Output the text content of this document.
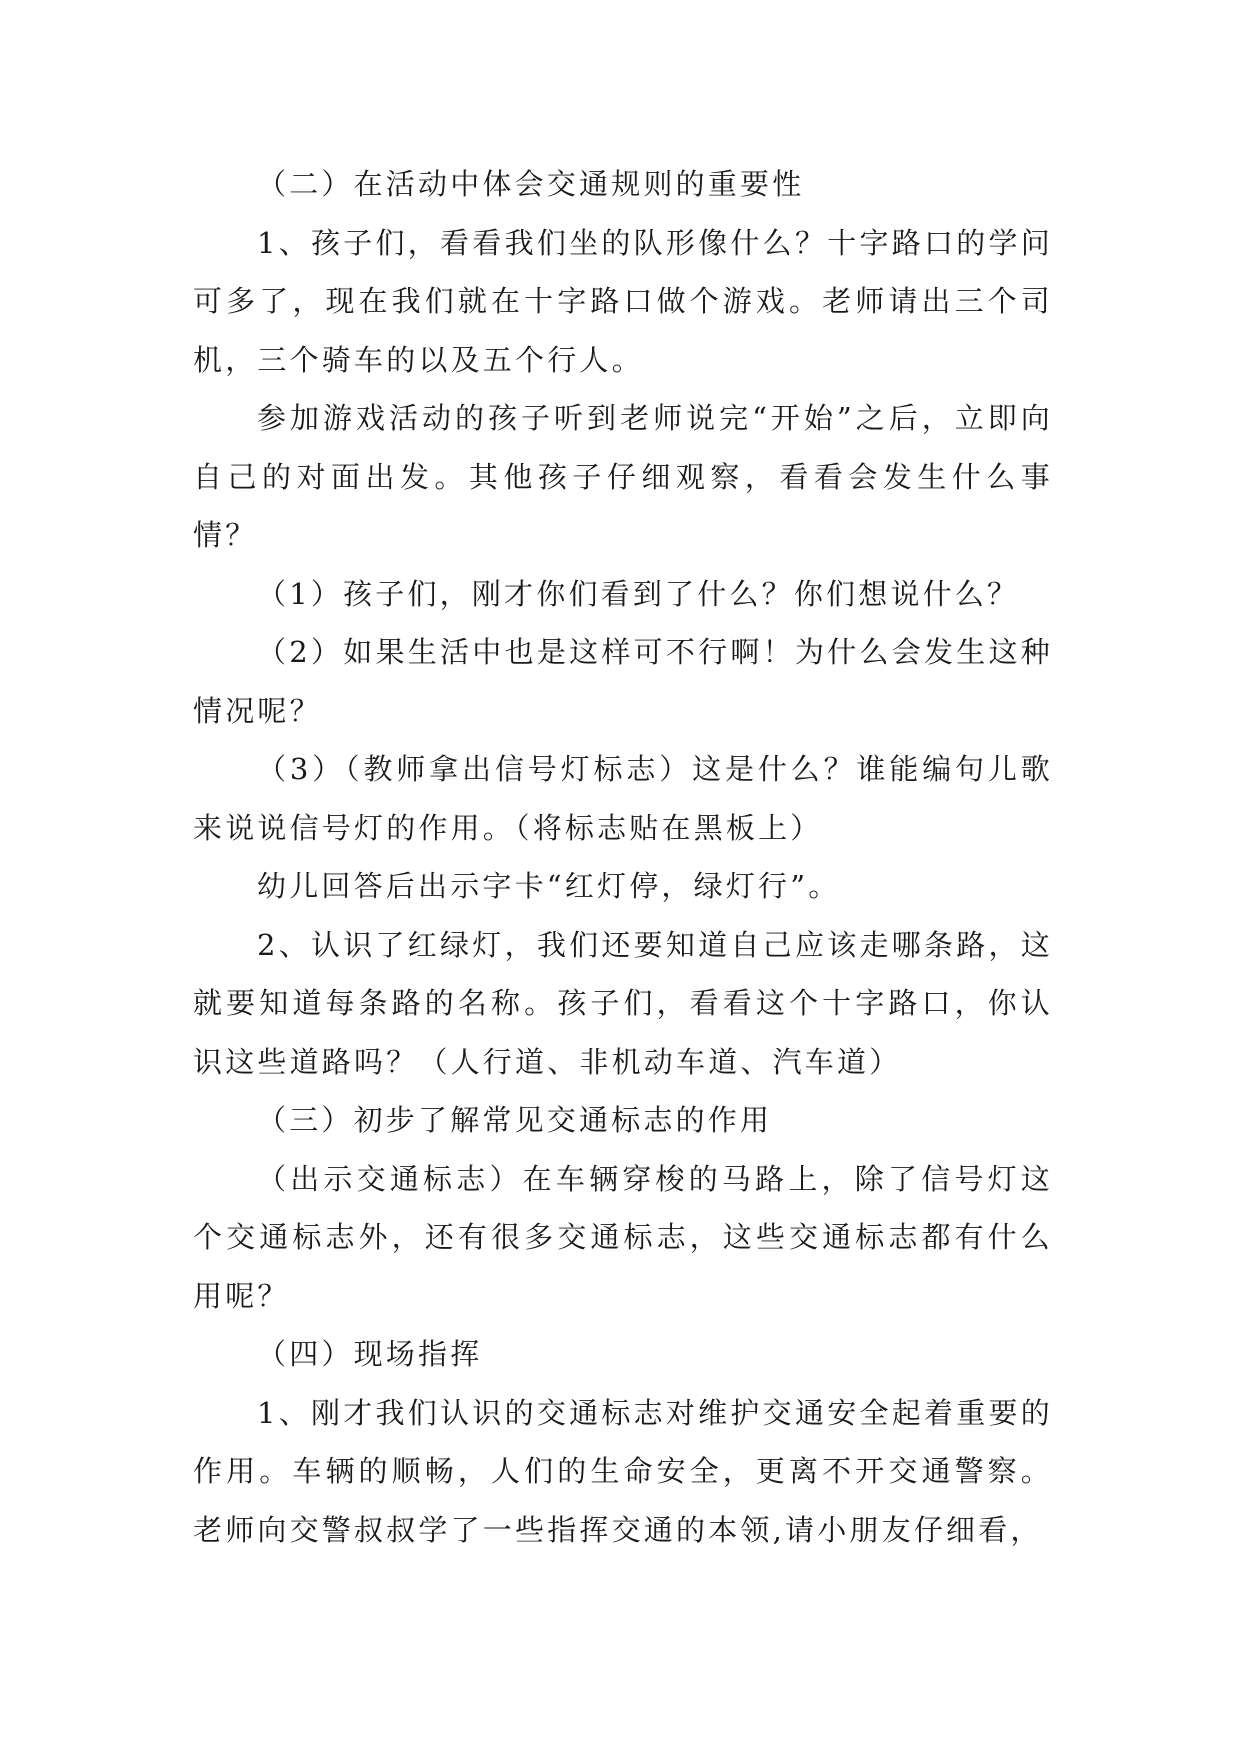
（二）在活动中体会交通规则的重要性

1、孩子们，看看我们坐的队形像什么？十字路口的学问可多了，现在我们就在十字路口做个游戏。老师请出三个司机，三个骑车的以及五个行人。

参加游戏活动的孩子听到老师说完“开始”之后，立即向自己的对面出发。其他孩子仔细观察，看看会发生什么事情？

（1）孩子们，刚才你们看到了什么？你们想说什么？

（2）如果生活中也是这样可不行啊！为什么会发生这种情况呢？

（3）（教师拿出信号灯标志）这是什么？谁能编句儿歌来说说信号灯的作用。（将标志贴在黑板上）

幼儿回答后出示字卡“红灯停，绿灯行”。

2、认识了红绿灯，我们还要知道自己应该走哪条路，这就要知道每条路的名称。孩子们，看看这个十字路口，你认识这些道路吗？（人行道、非机动车道、汽车道）

（三）初步了解常见交通标志的作用

（出示交通标志）在车辆穿梭的马路上，除了信号灯这个交通标志外，还有很多交通标志，这些交通标志都有什么用呢？

（四）现场指挥

1、刚才我们认识的交通标志对维护交通安全起着重要的作用。车辆的顺畅，人们的生命安全，更离不开交通警察。老师向交警叔叔学了一些指挥交通的本领,请小朋友仔细看，
